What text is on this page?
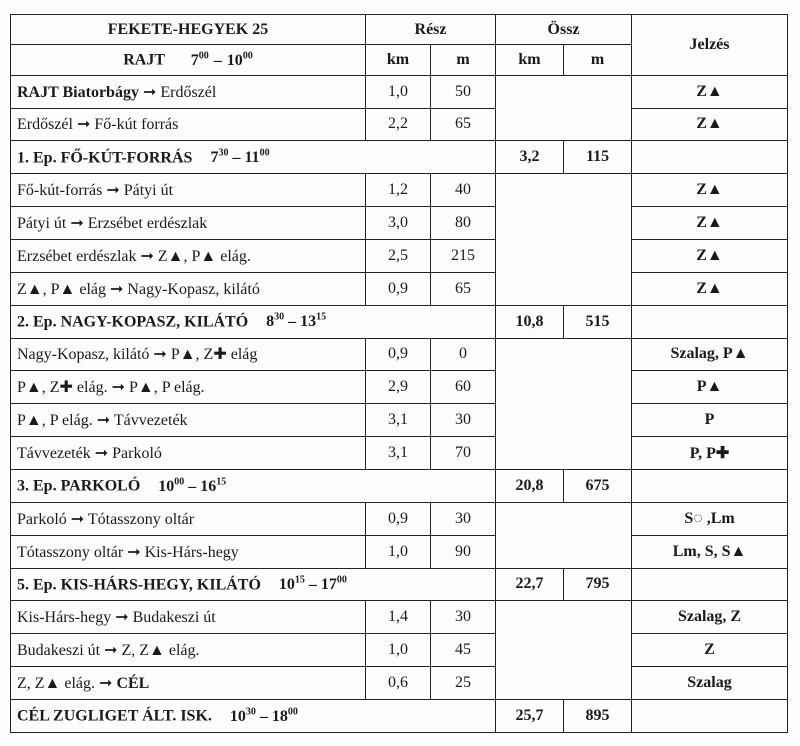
FEKETE-HEGYEK 25	Rész		Össz		Jelzés
RAJT $7^{00} - 10^{00}$	km	m	km	m	
RAJT Biatorbágy ➞ Erdőszél	1,0	50			Z▲
Erdőszél ➞ Fő-kút forrás	2,2	65			Z▲
1. Ep. FŐ-KÚT-FORRÁS $7^{30} - 11^{00}$			3,2	115	
Fő-kút-forrás ➞ Pátyi út	1,2	40			Z▲
Pátyi út ➞ Erzsébet erdészlak	3,0	80			Z▲
Erzsébet erdészlak ➞ Z▲, P▲ elág.	2,5	215			Z▲
Z▲, P▲ elág ➞ Nagy-Kopasz, kilátó	0,9	65			Z▲
2. Ep. NAGY-KOPASZ, KILÁTÓ $8^{30} - 13^{15}$			10,8	515	
Nagy-Kopasz, kilátó ➞ P▲, Z✚ elág	0,9	0			Szalag, P▲
P▲, Z✚ elág. ➞ P▲, P elág.	2,9	60			P▲
P▲, P elág. ➞ Távvezeték	3,1	30			P
Távvezeték ➞ Parkoló	3,1	70			P, P✚
3. Ep. PARKOLÓ $10^{00} - 16^{15}$			20,8	675	
Parkoló ➞ Tótasszony oltár	0,9	30			S◌ ,Lm
Tótasszony oltár ➞ Kis-Hárs-hegy	1,0	90			Lm, S, S▲
5. Ep. KIS-HÁRS-HEGY, KILÁTÓ $10^{15} - 17^{00}$			22,7	795	
Kis-Hárs-hegy ➞ Budakeszi út	1,4	30			Szalag, Z
Budakeszi út ➞ Z, Z▲ elág.	1,0	45			Z
Z, Z▲ elág. ➞ CÉL	0,6	25			Szalag
CÉL ZUGLIGET ÁLT. ISK. $10^{30} - 18^{00}$			25,7	895	
